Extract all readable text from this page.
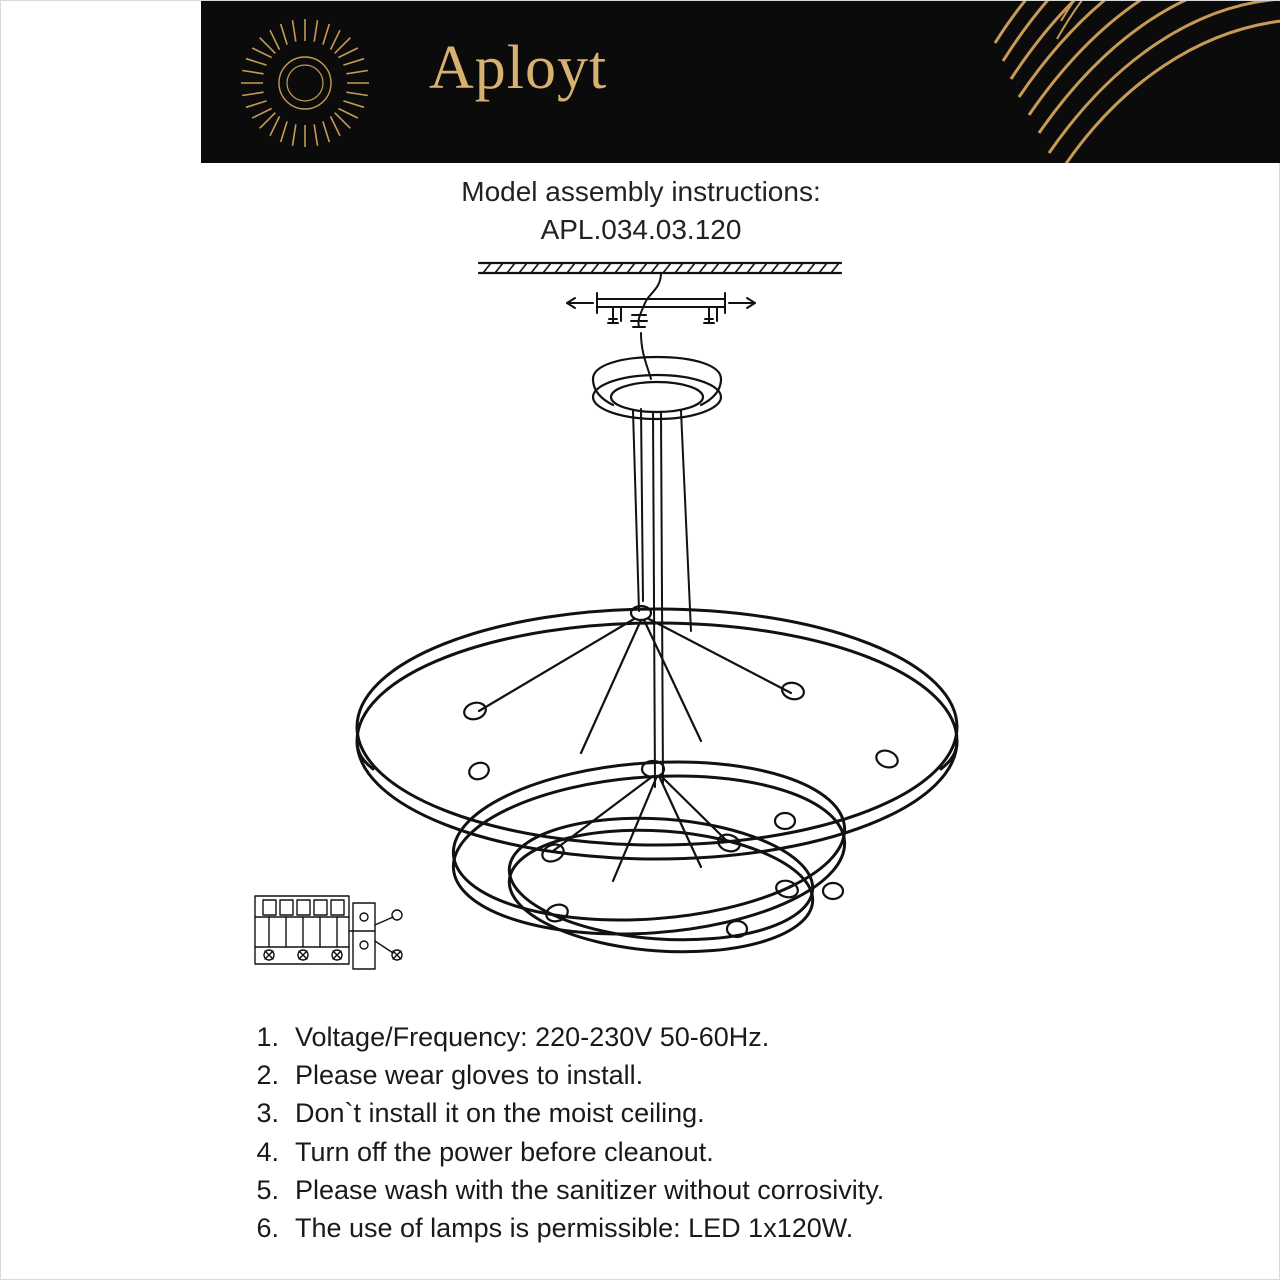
Aployt
Model assembly instructions:
APL.034.03.120
1. Voltage/Frequency: 220-230V 50-60Hz.
2. Please wear gloves to install.
3. Don`t install it on the moist ceiling.
4. Turn off the power before cleanout.
5. Please wash with the sanitizer without corrosivity.
6. The use of lamps is permissible: LED 1x120W.
